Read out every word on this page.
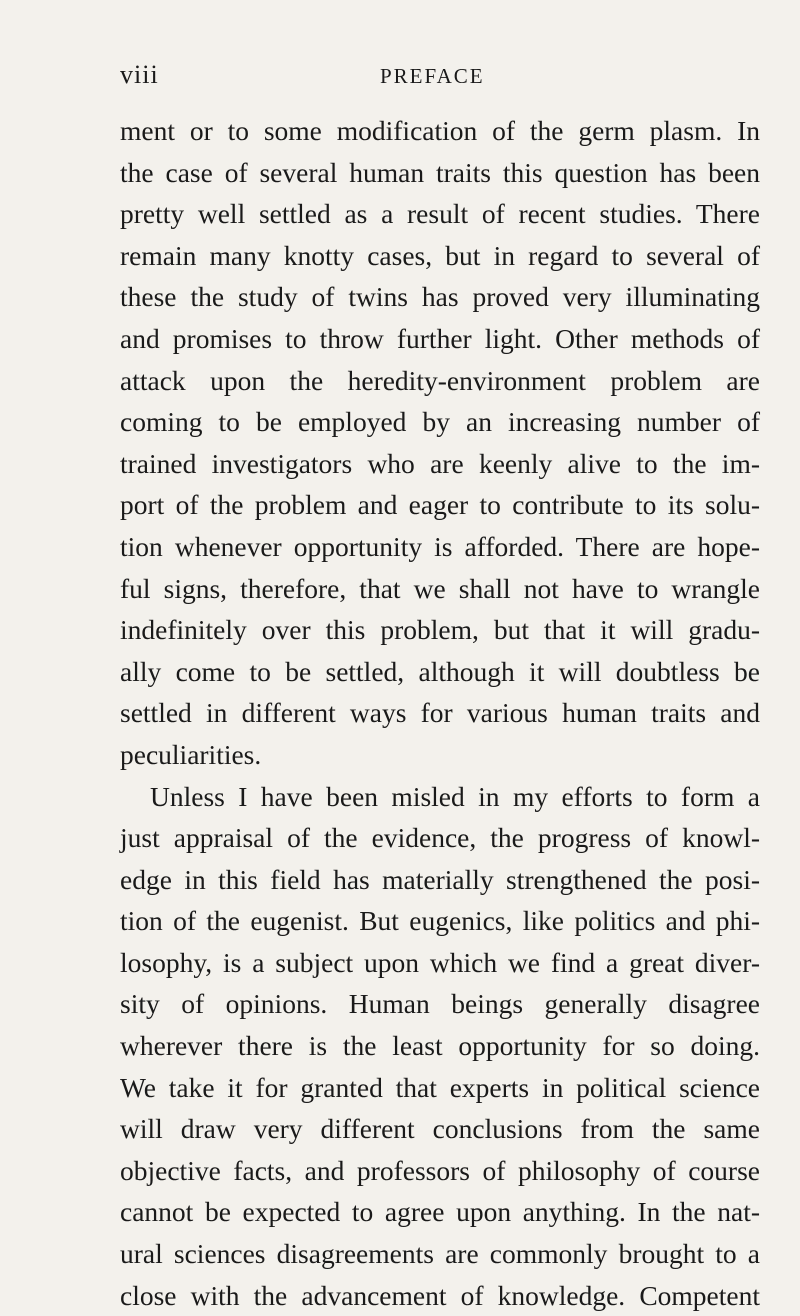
viii	PREFACE
ment or to some modification of the germ plasm. In
the case of several human traits this question has been
pretty well settled as a result of recent studies. There
remain many knotty cases, but in regard to several of
these the study of twins has proved very illuminating
and promises to throw further light. Other methods of
attack upon the heredity-environment problem are
coming to be employed by an increasing number of
trained investigators who are keenly alive to the im-
port of the problem and eager to contribute to its solu-
tion whenever opportunity is afforded. There are hope-
ful signs, therefore, that we shall not have to wrangle
indefinitely over this problem, but that it will gradu-
ally come to be settled, although it will doubtless be
settled in different ways for various human traits and
peculiarities.
Unless I have been misled in my efforts to form a
just appraisal of the evidence, the progress of knowl-
edge in this field has materially strengthened the posi-
tion of the eugenist. But eugenics, like politics and phi-
losophy, is a subject upon which we find a great diver-
sity of opinions. Human beings generally disagree
wherever there is the least opportunity for so doing.
We take it for granted that experts in political science
will draw very different conclusions from the same
objective facts, and professors of philosophy of course
cannot be expected to agree upon anything. In the nat-
ural sciences disagreements are commonly brought to a
close with the advancement of knowledge. Competent
